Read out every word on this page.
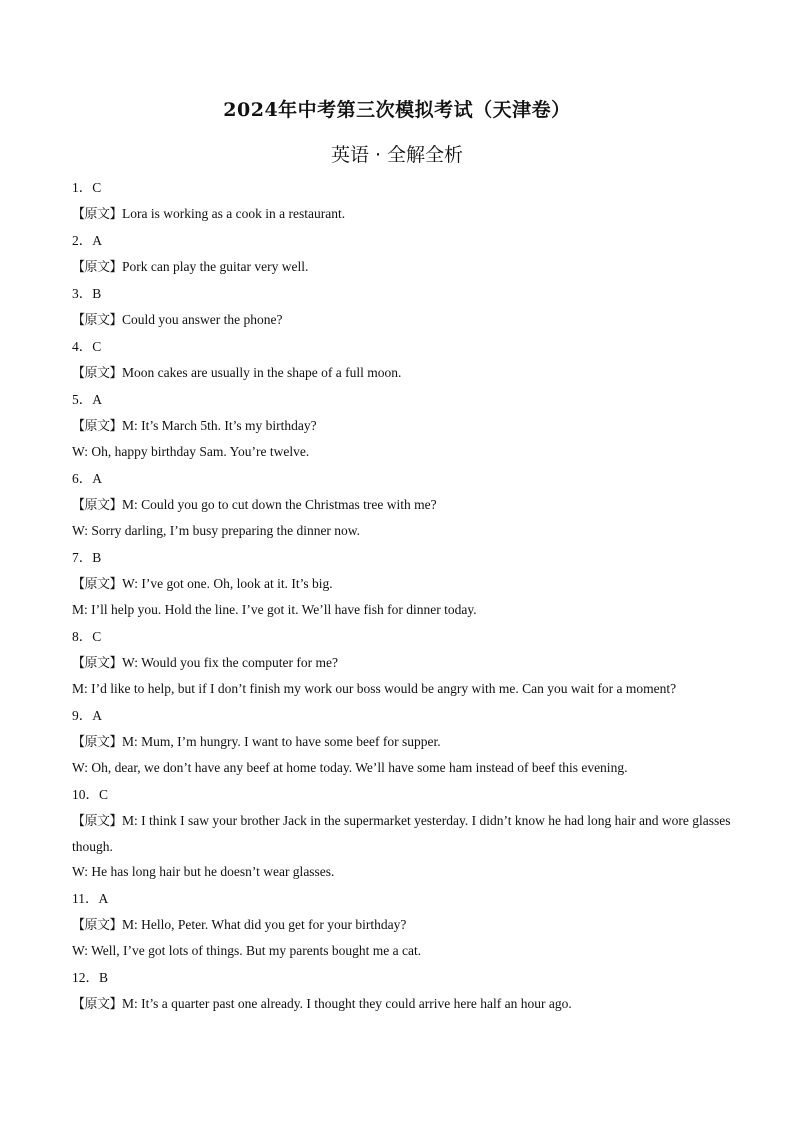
2024年中考第三次模拟考试（天津卷）
英语 · 全解全析
1．C
【原文】Lora is working as a cook in a restaurant.
2．A
【原文】Pork can play the guitar very well.
3．B
【原文】Could you answer the phone?
4．C
【原文】Moon cakes are usually in the shape of a full moon.
5．A
【原文】M: It’s March 5th. It’s my birthday?
W: Oh, happy birthday Sam. You’re twelve.
6．A
【原文】M: Could you go to cut down the Christmas tree with me?
W: Sorry darling, I’m busy preparing the dinner now.
7．B
【原文】W: I’ve got one. Oh, look at it. It’s big.
M: I’ll help you. Hold the line. I’ve got it. We’ll have fish for dinner today.
8．C
【原文】W: Would you fix the computer for me?
M: I’d like to help, but if I don’t finish my work our boss would be angry with me. Can you wait for a moment?
9．A
【原文】M: Mum, I’m hungry. I want to have some beef for supper.
W: Oh, dear, we don’t have any beef at home today. We’ll have some ham instead of beef this evening.
10．C
【原文】M: I think I saw your brother Jack in the supermarket yesterday. I didn’t know he had long hair and wore glasses though.
W: He has long hair but he doesn’t wear glasses.
11．A
【原文】M: Hello, Peter. What did you get for your birthday?
W: Well, I’ve got lots of things. But my parents bought me a cat.
12．B
【原文】M: It’s a quarter past one already. I thought they could arrive here half an hour ago.
